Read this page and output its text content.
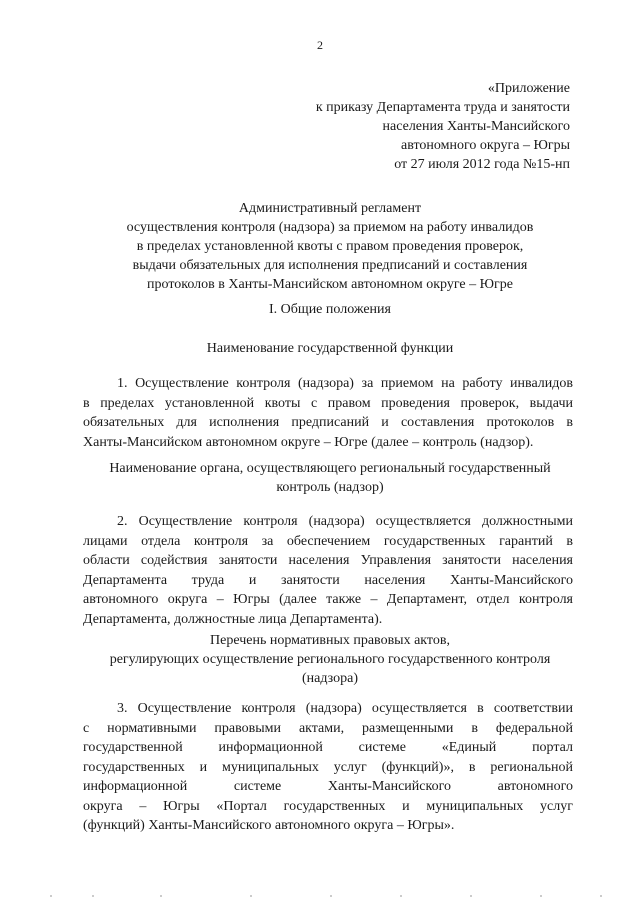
2
«Приложение
к приказу Департамента труда и занятости
населения Ханты-Мансийского
автономного округа – Югры
от 27 июля 2012 года №15-нп
Административный регламент
осуществления контроля (надзора) за приемом на работу инвалидов
в пределах установленной квоты с правом проведения проверок,
выдачи обязательных для исполнения предписаний и составления
протоколов в Ханты-Мансийском автономном округе – Югре
I. Общие положения
Наименование государственной функции
1. Осуществление контроля (надзора) за приемом на работу инвалидов
в пределах установленной квоты с правом проведения проверок, выдачи
обязательных для исполнения предписаний и составления протоколов в
Ханты-Мансийском автономном округе – Югре (далее – контроль (надзор).
Наименование органа, осуществляющего региональный государственный
контроль (надзор)
2. Осуществление контроля (надзора) осуществляется должностными
лицами отдела контроля за обеспечением государственных гарантий в
области содействия занятости населения Управления занятости населения
Департамента труда и занятости населения Ханты-Мансийского
автономного округа – Югры (далее также – Департамент, отдел контроля
Департамента, должностные лица Департамента).
Перечень нормативных правовых актов,
регулирующих осуществление регионального государственного контроля
(надзора)
3. Осуществление контроля (надзора) осуществляется в соответствии
с нормативными правовыми актами, размещенными в федеральной
государственной информационной системе «Единый портал
государственных и муниципальных услуг (функций)», в региональной
информационной системе Ханты-Мансийского автономного
округа – Югры «Портал государственных и муниципальных услуг
(функций) Ханты-Мансийского автономного округа – Югры».
